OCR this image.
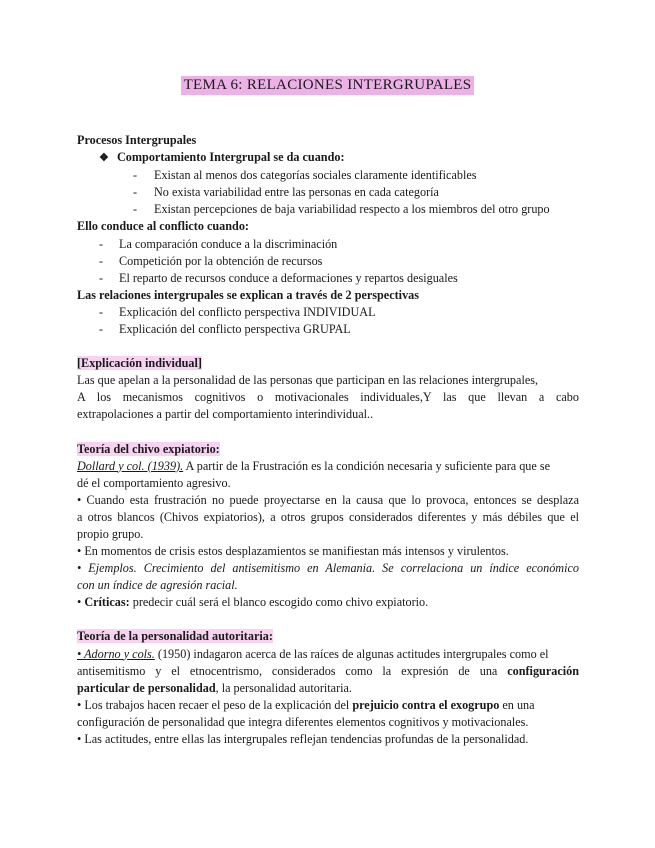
TEMA 6: RELACIONES INTERGRUPALES
Procesos Intergrupales
❖ Comportamiento Intergrupal se da cuando:
- Existan al menos dos categorías sociales claramente identificables
- No exista variabilidad entre las personas en cada categoría
- Existan percepciones de baja variabilidad respecto a los miembros del otro grupo
Ello conduce al conflicto cuando:
- La comparación conduce a la discriminación
- Competición por la obtención de recursos
- El reparto de recursos conduce a deformaciones y repartos desiguales
Las relaciones intergrupales se explican a través de 2 perspectivas
- Explicación del conflicto perspectiva INDIVIDUAL
- Explicación del conflicto perspectiva GRUPAL
[Explicación individual]
Las que apelan a la personalidad de las personas que participan en las relaciones intergrupales,
A los mecanismos cognitivos o motivacionales individuales,Y las que llevan a cabo
extrapolaciones a partir del comportamiento interindividual..
Teoría del chivo expiatorio:
Dollard y col. (1939). A partir de la Frustración es la condición necesaria y suficiente para que se
dé el comportamiento agresivo.
• Cuando esta frustración no puede proyectarse en la causa que lo provoca, entonces se desplaza
a otros blancos (Chivos expiatorios), a otros grupos considerados diferentes y más débiles que el
propio grupo.
• En momentos de crisis estos desplazamientos se manifiestan más intensos y virulentos.
• Ejemplos. Crecimiento del antisemitismo en Alemania. Se correlaciona un índice económico
con un índice de agresión racial.
• Críticas: predecir cuál será el blanco escogido como chivo expiatorio.
Teoría de la personalidad autoritaria:
• Adorno y cols. (1950) indagaron acerca de las raíces de algunas actitudes intergrupales como el
antisemitismo y el etnocentrismo, considerados como la expresión de una configuración
particular de personalidad, la personalidad autoritaria.
• Los trabajos hacen recaer el peso de la explicación del prejuicio contra el exogrupo en una
configuración de personalidad que integra diferentes elementos cognitivos y motivacionales.
• Las actitudes, entre ellas las intergrupales reflejan tendencias profundas de la personalidad.
